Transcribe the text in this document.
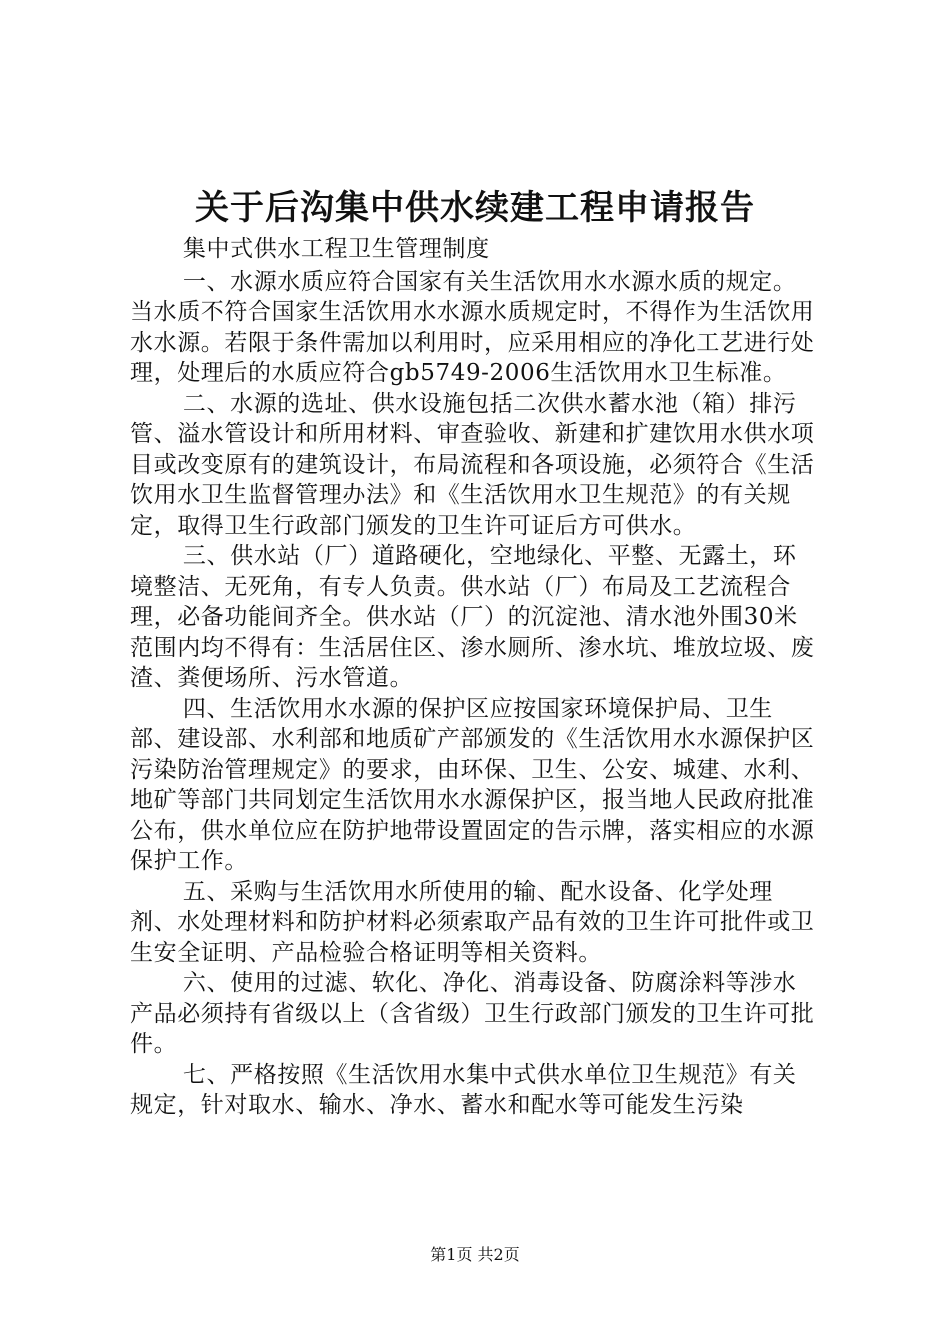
关于后沟集中供水续建工程申请报告
集中式供水工程卫生管理制度

一、水源水质应符合国家有关生活饮用水水源水质的规定。当水质不符合国家生活饮用水水源水质规定时，不得作为生活饮用水水源。若限于条件需加以利用时，应采用相应的净化工艺进行处理，处理后的水质应符合gb5749-2006生活饮用水卫生标准。

二、水源的选址、供水设施包括二次供水蓄水池（箱）排污管、溢水管设计和所用材料、审查验收、新建和扩建饮用水供水项目或改变原有的建筑设计，布局流程和各项设施，必须符合《生活饮用水卫生监督管理办法》和《生活饮用水卫生规范》的有关规定，取得卫生行政部门颁发的卫生许可证后方可供水。

三、供水站（厂）道路硬化，空地绿化、平整、无露土，环境整洁、无死角，有专人负责。供水站（厂）布局及工艺流程合理，必备功能间齐全。供水站（厂）的沉淀池、清水池外围30米范围内均不得有：生活居住区、渗水厕所、渗水坑、堆放垃圾、废渣、粪便场所、污水管道。

四、生活饮用水水源的保护区应按国家环境保护局、卫生部、建设部、水利部和地质矿产部颁发的《生活饮用水水源保护区污染防治管理规定》的要求，由环保、卫生、公安、城建、水利、地矿等部门共同划定生活饮用水水源保护区，报当地人民政府批准公布，供水单位应在防护地带设置固定的告示牌，落实相应的水源保护工作。

五、采购与生活饮用水所使用的输、配水设备、化学处理剂、水处理材料和防护材料必须索取产品有效的卫生许可批件或卫生安全证明、产品检验合格证明等相关资料。

六、使用的过滤、软化、净化、消毒设备、防腐涂料等涉水产品必须持有省级以上（含省级）卫生行政部门颁发的卫生许可批件。

七、严格按照《生活饮用水集中式供水单位卫生规范》有关规定，针对取水、输水、净水、蓄水和配水等可能发生污染

第1页 共2页
